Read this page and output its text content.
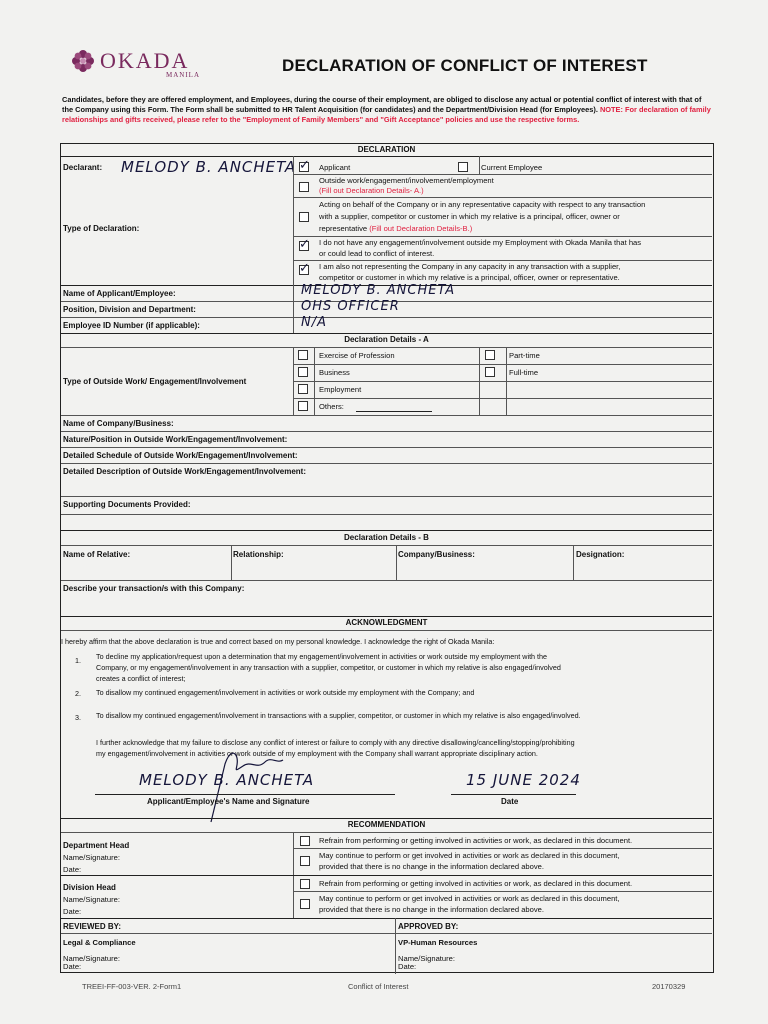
OKADA
MANILA	DECLARATION OF CONFLICT OF INTEREST
Candidates, before they are offered employment, and Employees, during the course of their employment, are obliged to disclose any actual or potential conflict of interest with that of the Company using this Form. The Form shall be submitted to HR Talent Acquisition (for candidates) and the Department/Division Head (for Employees). NOTE: For declaration of family relationships and gifts received, please refer to the "Employment of Family Members" and "Gift Acceptance" policies and use the respective forms.
DECLARATION
Declarant: MELODY B. ANCHETA ✓ Applicant	Current Employee
Outside work/engagement/involvement/employment
(Fill out Declaration Details- A.)
Type of Declaration:
Acting on behalf of the Company or in any representative capacity with respect to any transaction
with a supplier, competitor or customer in which my relative is a principal, officer, owner or
representative (Fill out Declaration Details-B.)
✓ I do not have any engagement/involvement outside my Employment with Okada Manila that has
or could lead to conflict of interest.
✓ I am also not representing the Company in any capacity in any transaction with a supplier,
competitor or customer in which my relative is a principal, officer, owner or representative.
Name of Applicant/Employee:	MELODY B. ANCHETA
Position, Division and Department:	OHS OFFICER
Employee ID Number (if applicable):	N/A
Declaration Details - A
Type of Outside Work/ Engagement/Involvement
Exercise of Profession	Part-time
Business	Full-time
Employment
Others:
Name of Company/Business:
Nature/Position in Outside Work/Engagement/Involvement:
Detailed Schedule of Outside Work/Engagement/Involvement:
Detailed Description of Outside Work/Engagement/Involvement:
Supporting Documents Provided:
Declaration Details - B
Name of Relative:	Relationship:	Company/Business:	Designation:
Describe your transaction/s with this Company:
ACKNOWLEDGMENT
I hereby affirm that the above declaration is true and correct based on my personal knowledge. I acknowledge the right of Okada Manila:
1. To decline my application/request upon a determination that my engagement/involvement in activities or work outside my employment with the
Company, or my engagement/involvement in any transaction with a supplier, competitor, or customer in which my relative is also engaged/involved
creates a conflict of interest;
2. To disallow my continued engagement/involvement in activities or work outside my employment with the Company; and
3. To disallow my continued engagement/involvement in transactions with a supplier, competitor, or customer in which my relative is also engaged/involved.
I further acknowledge that my failure to disclose any conflict of interest or failure to comply with any directive disallowing/cancelling/stopping/prohibiting
my engagement/involvement in activities or work outside of my employment with the Company shall warrant appropriate disciplinary action.
MELODY B. ANCHETA
Applicant/Employee's Name and Signature
15 JUNE 2024
Date
RECOMMENDATION
Department Head
Name/Signature:
Date:
Refrain from performing or getting involved in activities or work, as declared in this document.
May continue to perform or get involved in activities or work as declared in this document,
provided that there is no change in the information declared above.
Division Head
Name/Signature:
Date:
Refrain from performing or getting involved in activities or work, as declared in this document.
May continue to perform or get involved in activities or work as declared in this document,
provided that there is no change in the information declared above.
REVIEWED BY:	APPROVED BY:
Legal & Compliance	VP-Human Resources
Name/Signature:	Name/Signature:
Date:	Date:
TREEI-FF-003-VER. 2-Form1	Conflict of Interest	20170329
